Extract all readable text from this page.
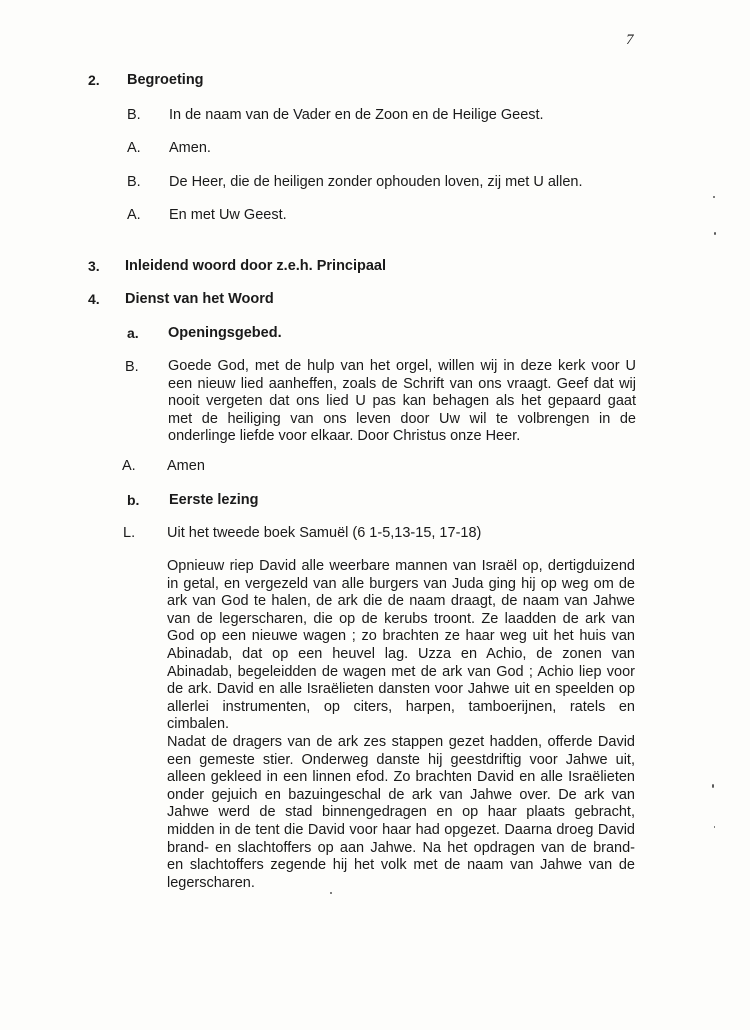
7
2. Begroeting
B. In de naam van de Vader en de Zoon en de Heilige Geest.
A. Amen.
B. De Heer, die de heiligen zonder ophouden loven, zij met U allen.
A. En met Uw Geest.
3. Inleidend woord door z.e.h. Principaal
4. Dienst van het Woord
a. Openingsgebed.
B. Goede God, met de hulp van het orgel, willen wij in deze kerk voor U
een nieuw lied aanheffen, zoals de Schrift van ons vraagt. Geef dat wij
nooit vergeten dat ons lied U pas kan behagen als het gepaard gaat
met de heiliging van ons leven door Uw wil te volbrengen in de
onderlinge liefde voor elkaar. Door Christus onze Heer.
A. Amen
b. Eerste lezing
L. Uit het tweede boek Samuël (6 1-5,13-15, 17-18)
Opnieuw riep David alle weerbare mannen van Israël op, dertigduizend
in getal, en vergezeld van alle burgers van Juda ging hij op weg om de
ark van God te halen, de ark die de naam draagt, de naam van Jahwe
van de legerscharen, die op de kerubs troont. Ze laadden de ark van
God op een nieuwe wagen ; zo brachten ze haar weg uit het huis van
Abinadab, dat op een heuvel lag. Uzza en Achio, de zonen van
Abinadab, begeleidden de wagen met de ark van God ; Achio liep voor
de ark. David en alle Israëlieten dansten voor Jahwe uit en speelden op
allerlei instrumenten, op citers, harpen, tamboerijnen, ratels en
cimbalen.
Nadat de dragers van de ark zes stappen gezet hadden, offerde David
een gemeste stier. Onderweg danste hij geestdriftig voor Jahwe uit,
alleen gekleed in een linnen efod. Zo brachten David en alle Israëlieten
onder gejuich en bazuingeschal de ark van Jahwe over. De ark van
Jahwe werd de stad binnengedragen en op haar plaats gebracht,
midden in de tent die David voor haar had opgezet. Daarna droeg David
brand- en slachtoffers op aan Jahwe. Na het opdragen van de brand-
en slachtoffers zegende hij het volk met de naam van Jahwe van de
legerscharen.
